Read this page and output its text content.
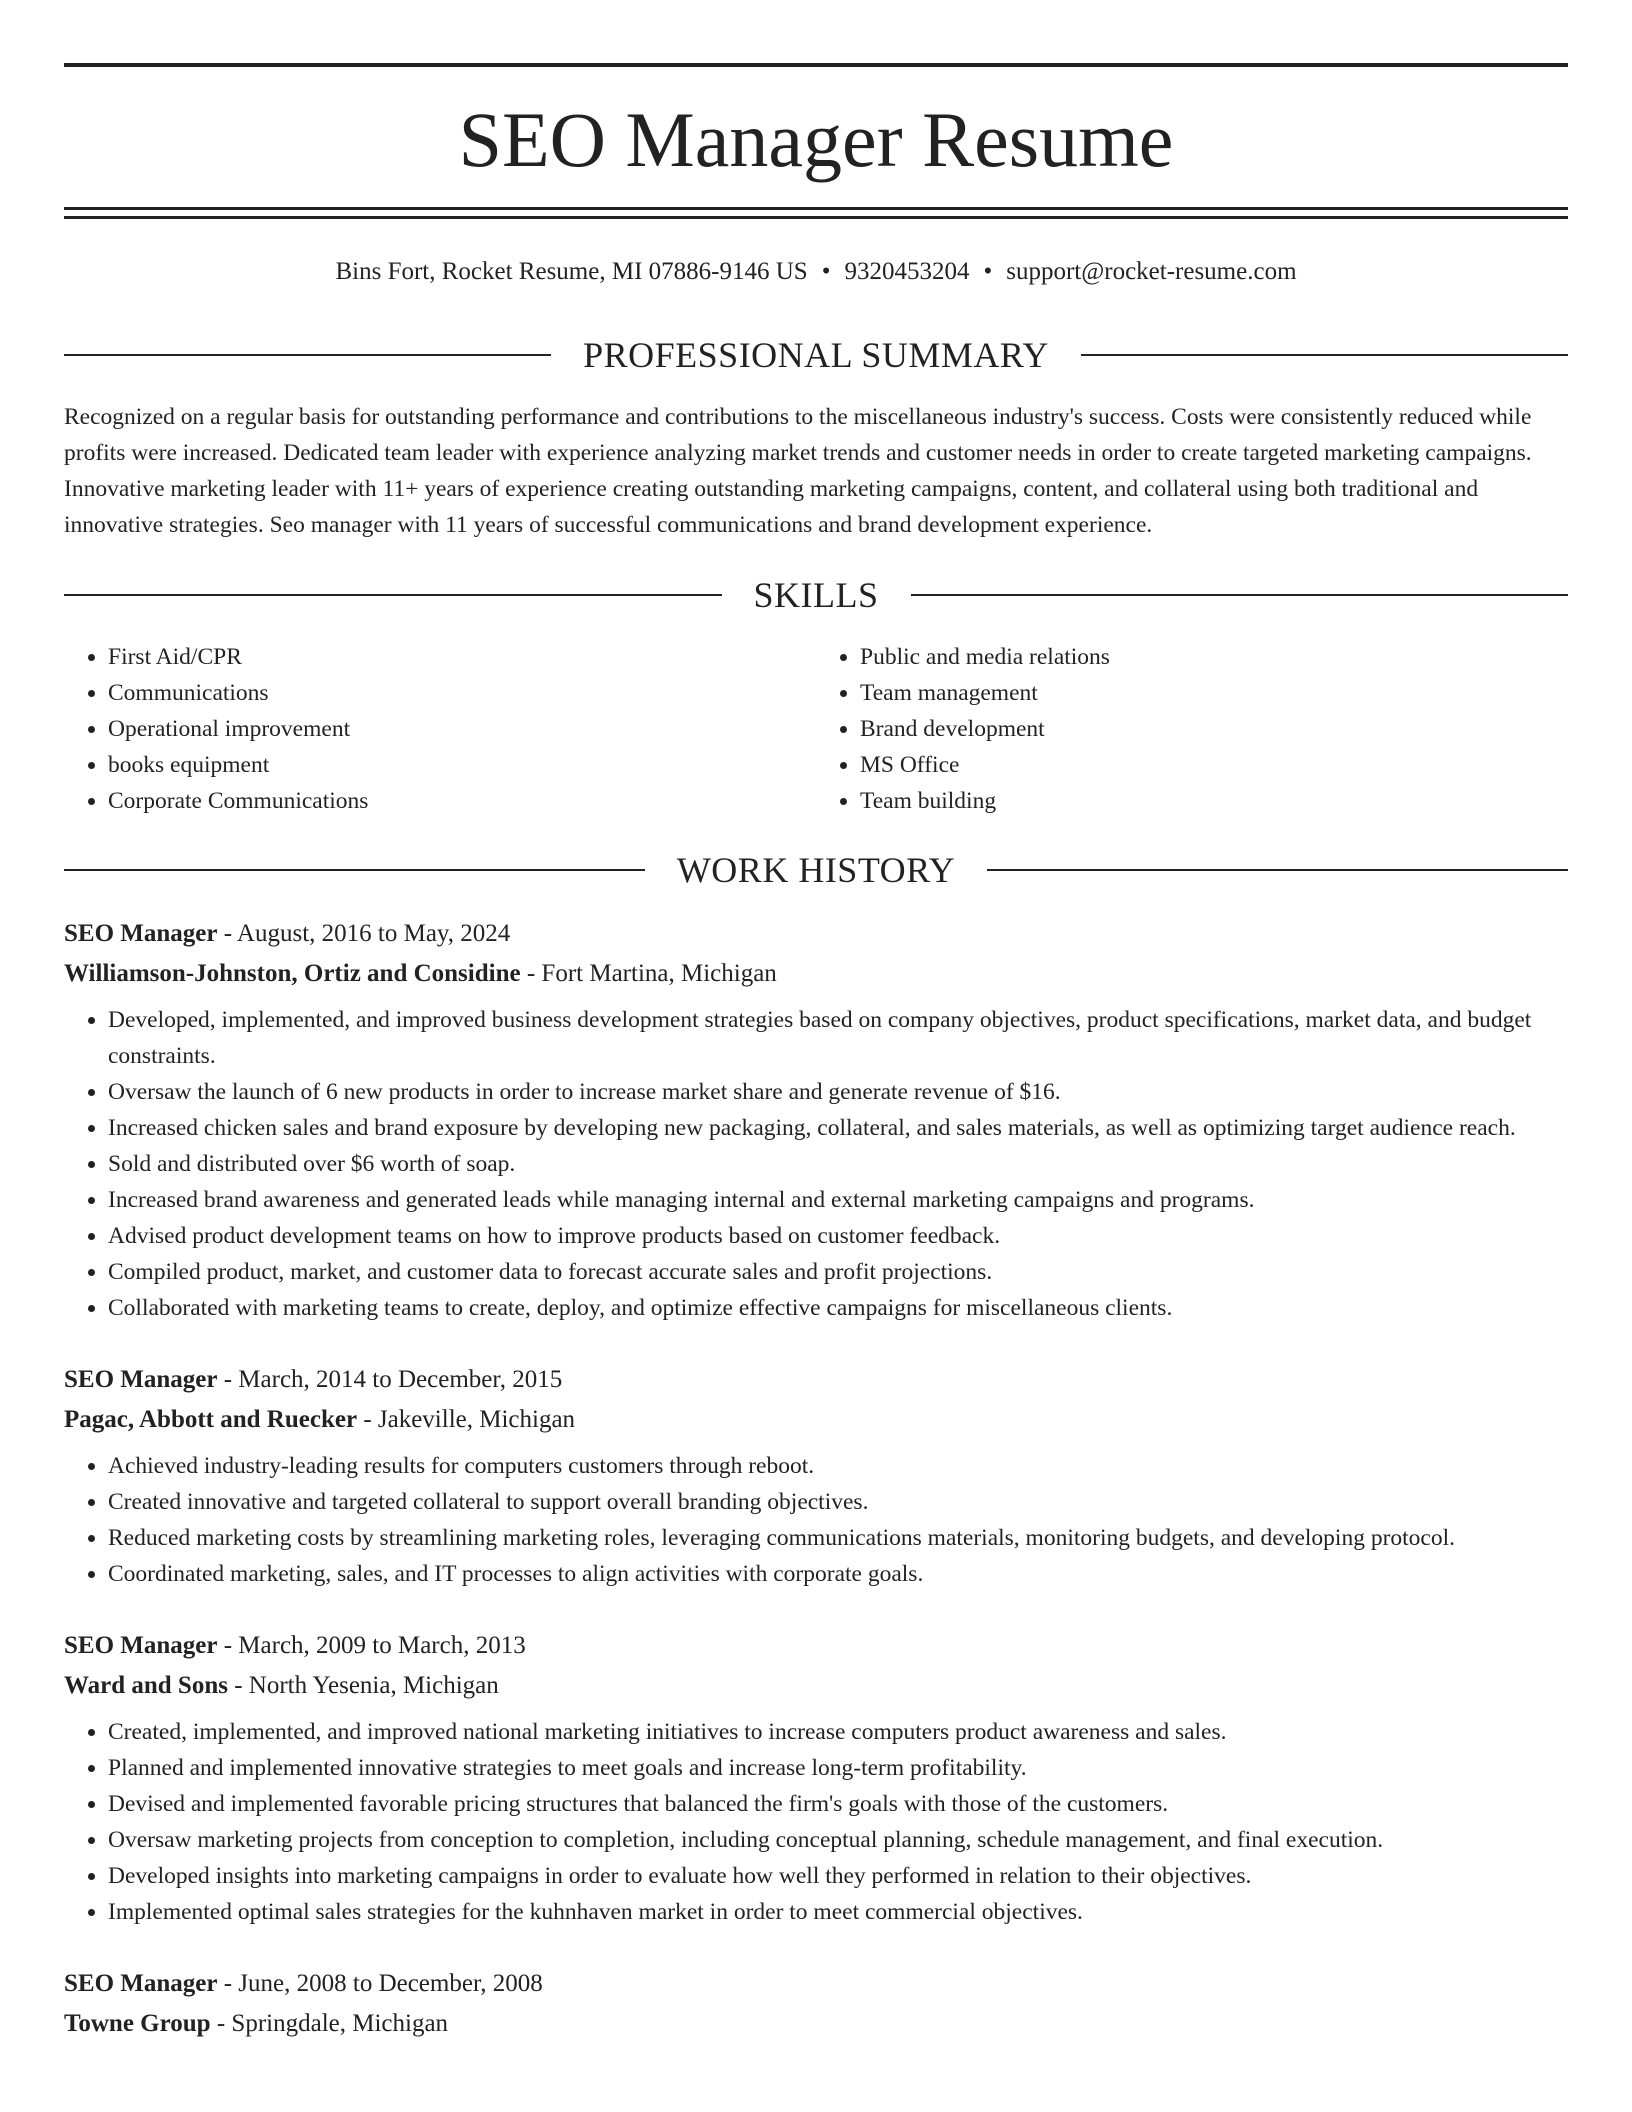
SEO Manager Resume
Bins Fort, Rocket Resume, MI 07886-9146 US • 9320453204 • support@rocket-resume.com
PROFESSIONAL SUMMARY

Recognized on a regular basis for outstanding performance and contributions to the miscellaneous industry's success. Costs were consistently reduced while profits were increased. Dedicated team leader with experience analyzing market trends and customer needs in order to create targeted marketing campaigns. Innovative marketing leader with 11+ years of experience creating outstanding marketing campaigns, content, and collateral using both traditional and innovative strategies. Seo manager with 11 years of successful communications and brand development experience.

SKILLS
• First Aid/CPR
• Communications
• Operational improvement
• books equipment
• Corporate Communications
• Public and media relations
• Team management
• Brand development
• MS Office
• Team building
WORK HISTORY
SEO Manager - August, 2016 to May, 2024
Williamson-Johnston, Ortiz and Considine - Fort Martina, Michigan
• Developed, implemented, and improved business development strategies based on company objectives, product specifications, market data, and budget constraints.
• Oversaw the launch of 6 new products in order to increase market share and generate revenue of $16.
• Increased chicken sales and brand exposure by developing new packaging, collateral, and sales materials, as well as optimizing target audience reach.
• Sold and distributed over $6 worth of soap.
• Increased brand awareness and generated leads while managing internal and external marketing campaigns and programs.
• Advised product development teams on how to improve products based on customer feedback.
• Compiled product, market, and customer data to forecast accurate sales and profit projections.
• Collaborated with marketing teams to create, deploy, and optimize effective campaigns for miscellaneous clients.
SEO Manager - March, 2014 to December, 2015
Pagac, Abbott and Ruecker - Jakeville, Michigan
• Achieved industry-leading results for computers customers through reboot.
• Created innovative and targeted collateral to support overall branding objectives.
• Reduced marketing costs by streamlining marketing roles, leveraging communications materials, monitoring budgets, and developing protocol.
• Coordinated marketing, sales, and IT processes to align activities with corporate goals.
SEO Manager - March, 2009 to March, 2013
Ward and Sons - North Yesenia, Michigan
• Created, implemented, and improved national marketing initiatives to increase computers product awareness and sales.
• Planned and implemented innovative strategies to meet goals and increase long-term profitability.
• Devised and implemented favorable pricing structures that balanced the firm's goals with those of the customers.
• Oversaw marketing projects from conception to completion, including conceptual planning, schedule management, and final execution.
• Developed insights into marketing campaigns in order to evaluate how well they performed in relation to their objectives.
• Implemented optimal sales strategies for the kuhnhaven market in order to meet commercial objectives.
SEO Manager - June, 2008 to December, 2008
Towne Group - Springdale, Michigan
